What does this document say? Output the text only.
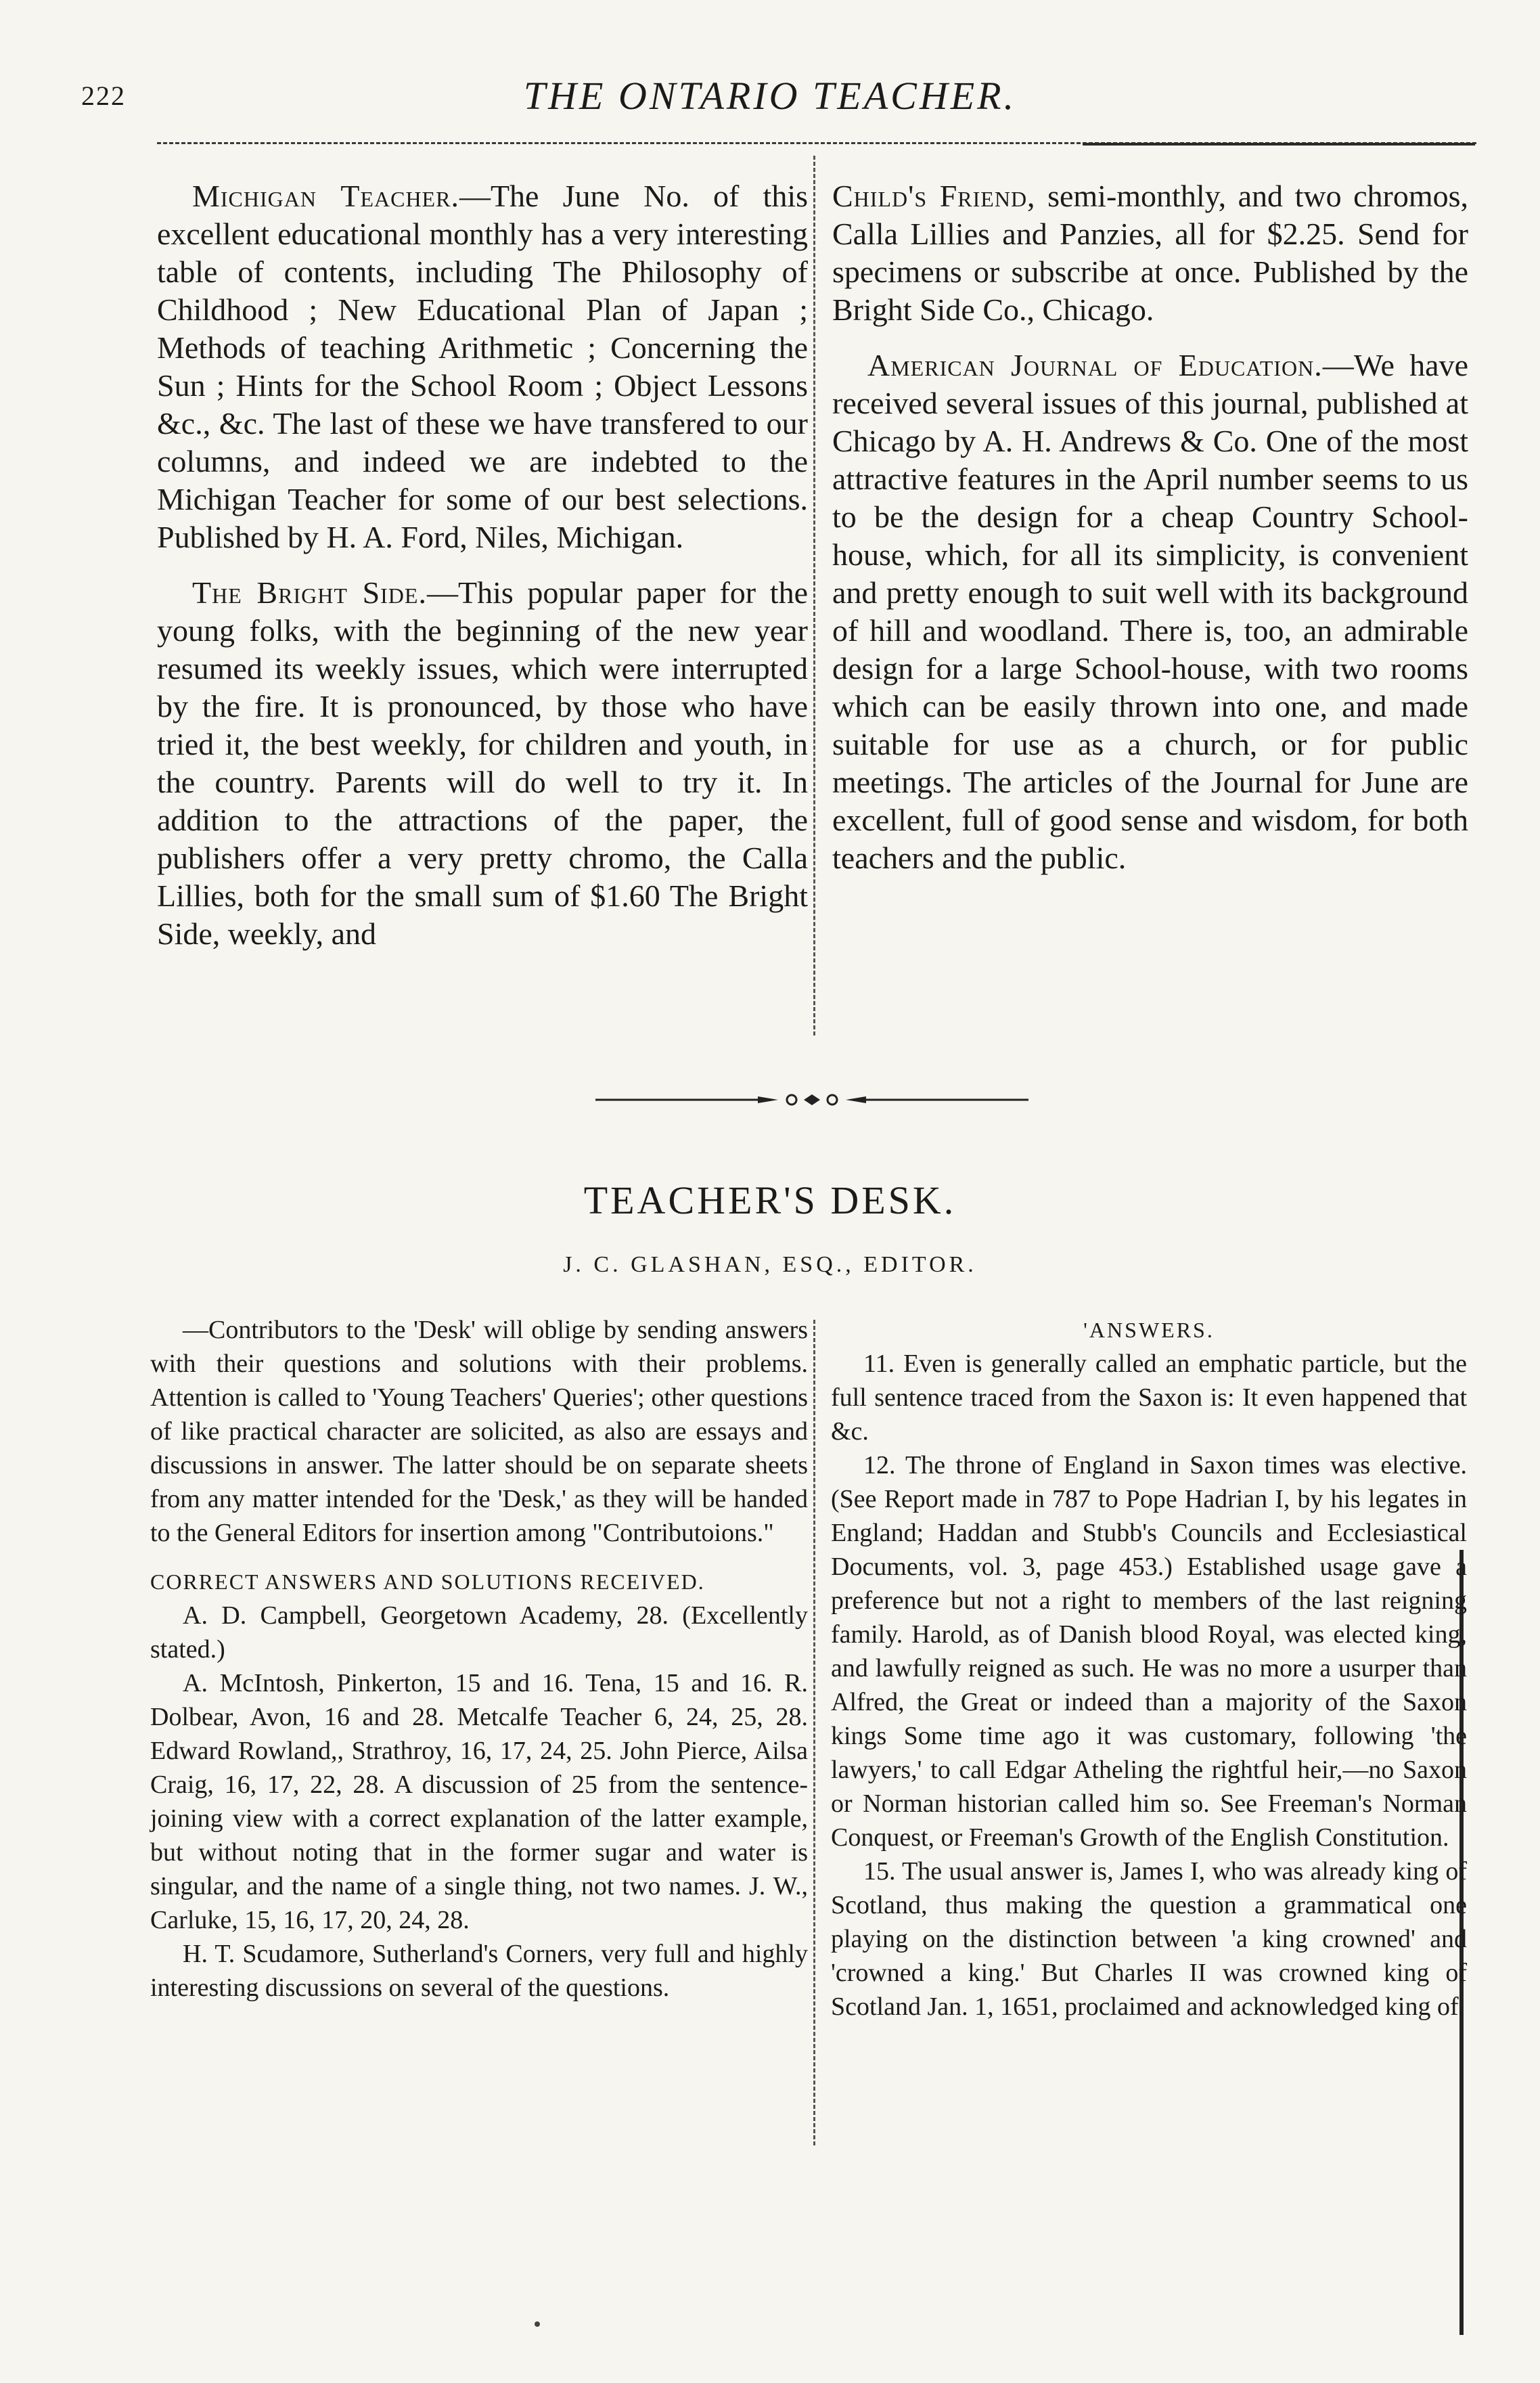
222	THE ONTARIO TEACHER.

Michigan Teacher.—The June No. of this excellent educational monthly has a very interesting table of contents, including The Philosophy of Childhood ; New Educational Plan of Japan ; Methods of teaching Arithmetic ; Concerning the Sun ; Hints for the School Room ; Object Lessons &c., &c. The last of these we have transfered to our columns, and indeed we are indebted to the Michigan Teacher for some of our best selections. Published by H. A. Ford, Niles, Michigan.

The Bright Side.—This popular paper for the young folks, with the beginning of the new year resumed its weekly issues, which were interrupted by the fire. It is pronounced, by those who have tried it, the best weekly, for children and youth, in the country. Parents will do well to try it. In addition to the attractions of the paper, the publishers offer a very pretty chromo, the Calla Lillies, both for the small sum of $1.60 The Bright Side, weekly, and

Child's Friend, semi-monthly, and two chromos, Calla Lillies and Panzies, all for $2.25. Send for specimens or subscribe at once. Published by the Bright Side Co., Chicago.

American Journal of Education.—We have received several issues of this journal, published at Chicago by A. H. Andrews & Co. One of the most attractive features in the April number seems to us to be the design for a cheap Country School-house, which, for all its simplicity, is convenient and pretty enough to suit well with its background of hill and woodland. There is, too, an admirable design for a large School-house, with two rooms which can be easily thrown into one, and made suitable for use as a church, or for public meetings. The articles of the Journal for June are excellent, full of good sense and wisdom, for both teachers and the public.

TEACHER'S DESK.
J. C. GLASHAN, ESQ., EDITOR.

—Contributors to the 'Desk' will oblige by sending answers with their questions and solutions with their problems. Attention is called to 'Young Teachers' Queries'; other questions of like practical character are solicited, as also are essays and discussions in answer. The latter should be on separate sheets from any matter intended for the 'Desk,' as they will be handed to the General Editors for insertion among "Contributoions."

CORRECT ANSWERS AND SOLUTIONS RECEIVED.

A. D. Campbell, Georgetown Academy, 28. (Excellently stated.)

A. McIntosh, Pinkerton, 15 and 16. Tena, 15 and 16. R. Dolbear, Avon, 16 and 28. Metcalfe Teacher 6, 24, 25, 28. Edward Rowland,, Strathroy, 16, 17, 24, 25. John Pierce, Ailsa Craig, 16, 17, 22, 28. A discussion of 25 from the sentence-joining view with a correct explanation of the latter example, but without noting that in the former sugar and water is singular, and the name of a single thing, not two names. J. W., Carluke, 15, 16, 17, 20, 24, 28.

H. T. Scudamore, Sutherland's Corners, very full and highly interesting discussions on several of the questions.

'ANSWERS.

11. Even is generally called an emphatic particle, but the full sentence traced from the Saxon is: It even happened that &c.

12. The throne of England in Saxon times was elective. (See Report made in 787 to Pope Hadrian I, by his legates in England; Haddan and Stubb's Councils and Ecclesiastical Documents, vol. 3, page 453.) Established usage gave a preference but not a right to members of the last reigning family. Harold, as of Danish blood Royal, was elected king, and lawfully reigned as such. He was no more a usurper than Alfred, the Great or indeed than a majority of the Saxon kings Some time ago it was customary, following 'the lawyers,' to call Edgar Atheling the rightful heir,—no Saxon or Norman historian called him so. See Freeman's Norman Conquest, or Freeman's Growth of the English Constitution.

15. The usual answer is, James I, who was already king of Scotland, thus making the question a grammatical one playing on the distinction between 'a king crowned' and 'crowned a king.' But Charles II was crowned king of Scotland Jan. 1, 1651, proclaimed and acknowledged king of
